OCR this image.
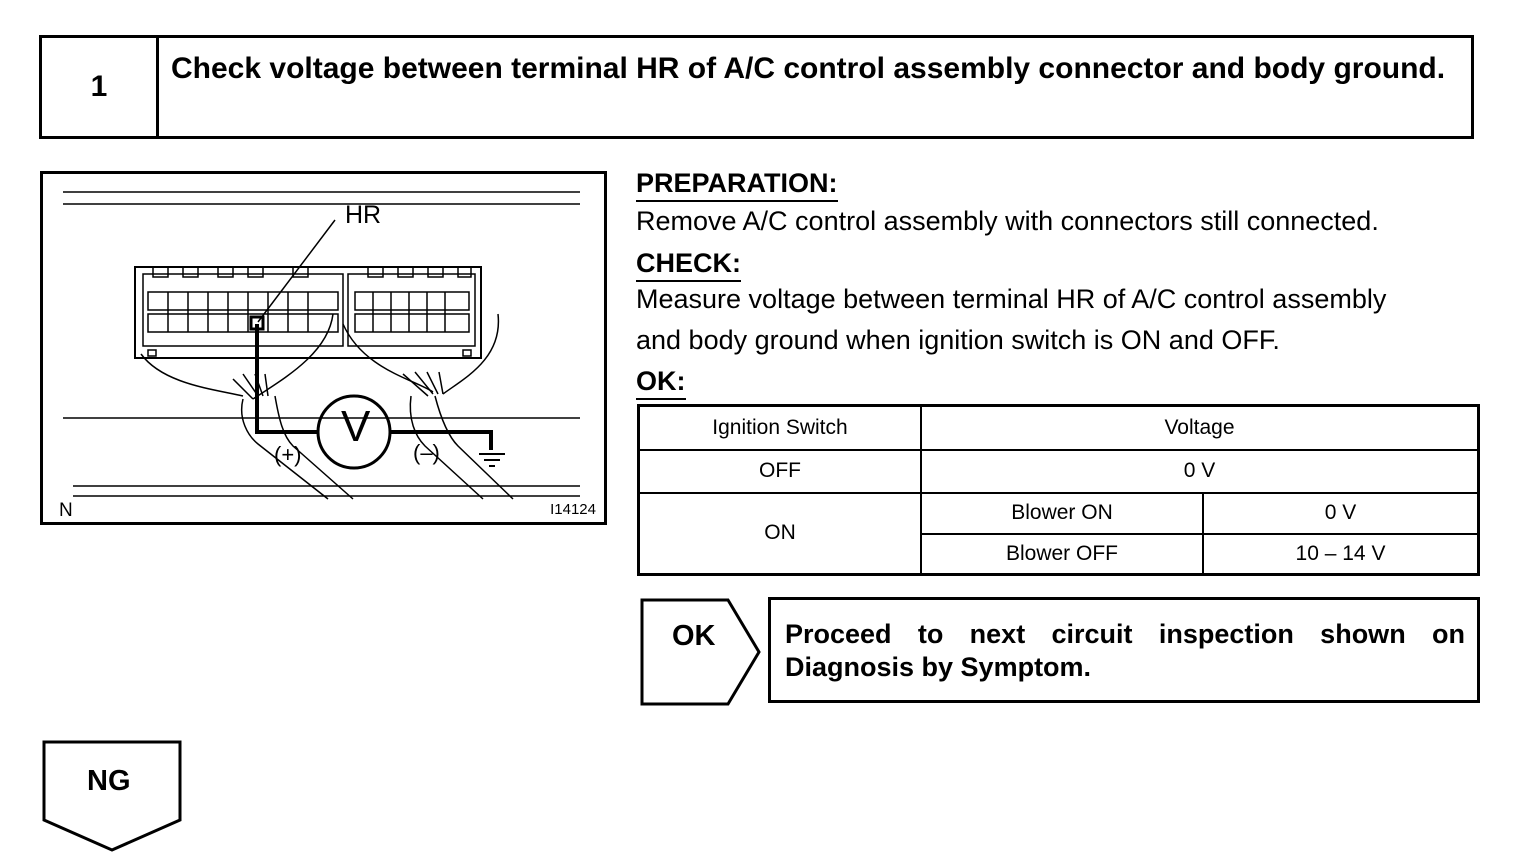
1
Check voltage between terminal HR of A/C control assembly connector and body ground.
HR
V
(+)	(–)
N	I14124
PREPARATION:
Remove A/C control assembly with connectors still connected.
CHECK:
Measure voltage between terminal HR of A/C control assembly
and body ground when ignition switch is ON and OFF.
OK:
Ignition Switch	Voltage	
OFF	0 V	
ON	Blower ON	0 V
	Blower OFF	10 – 14 V
OK	Proceed to next circuit inspection shown on Diagnosis by Symptom.
NG
